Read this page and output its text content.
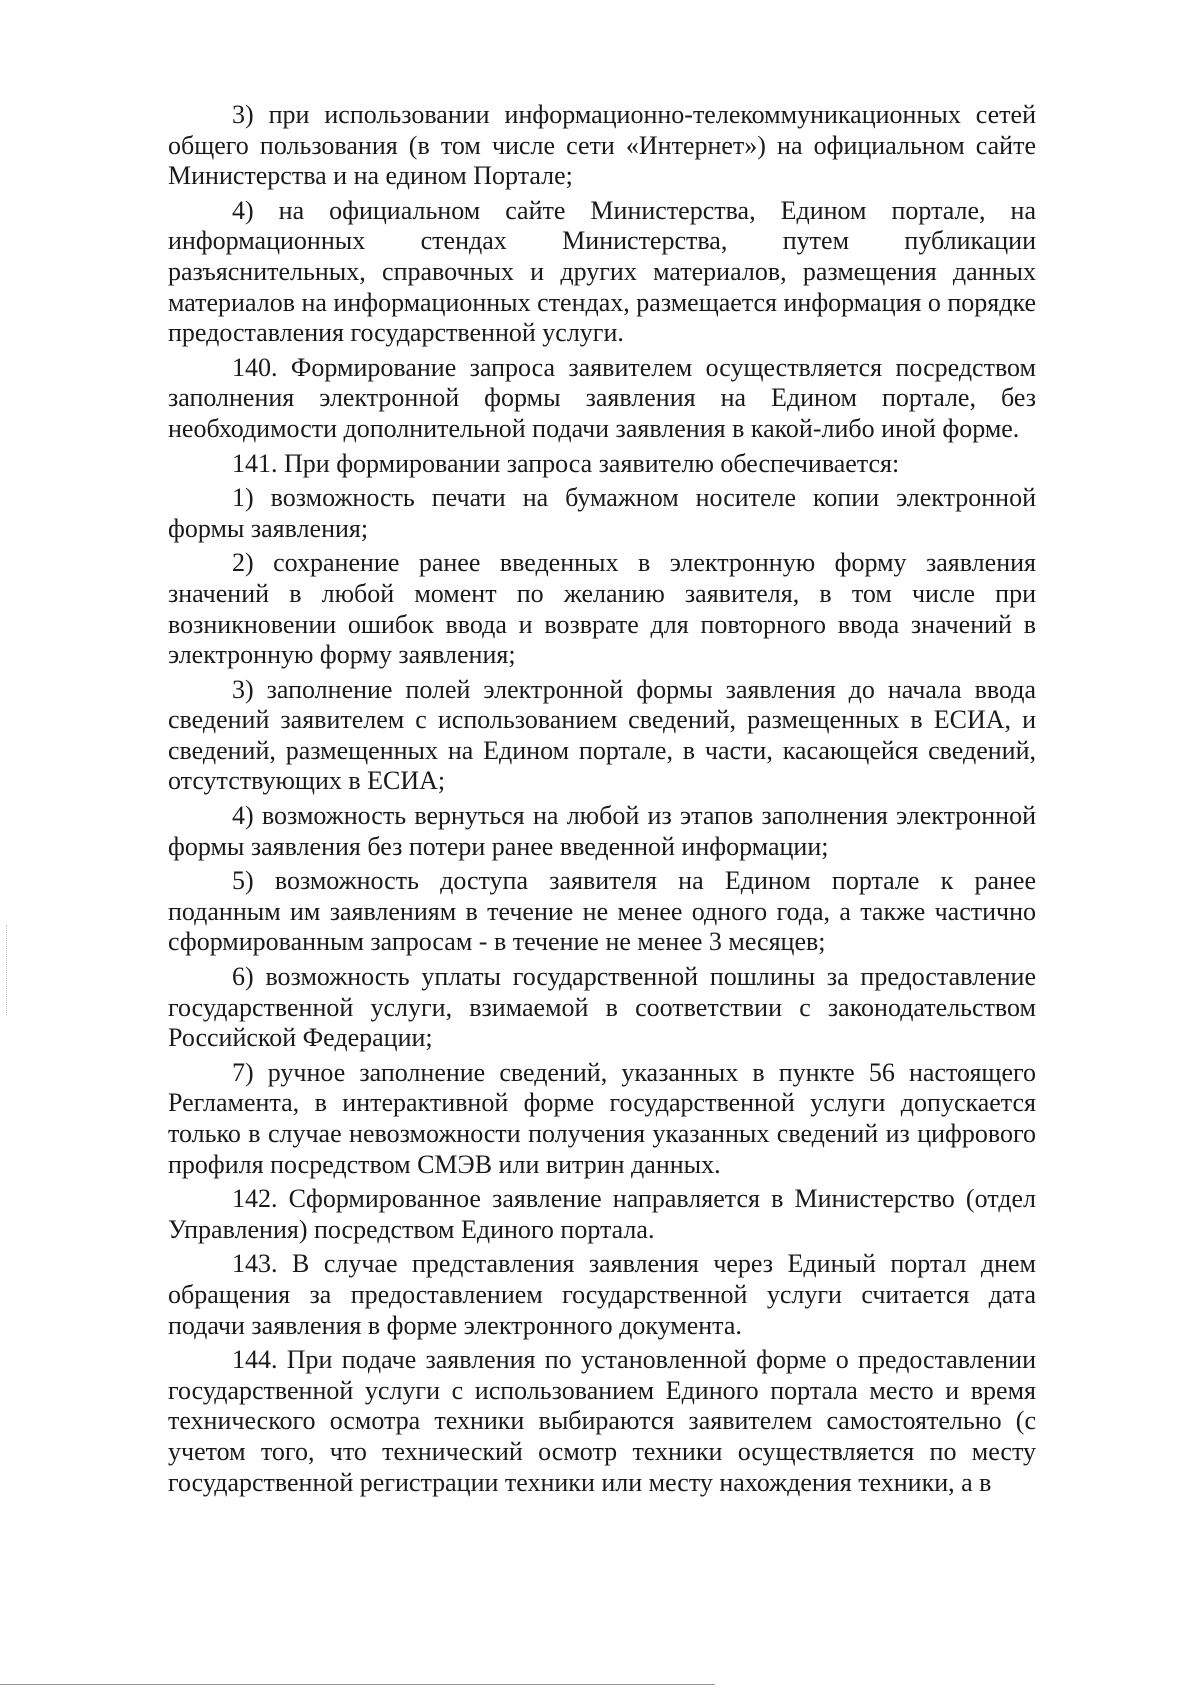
3) при использовании информационно-телекоммуникационных сетей общего пользования (в том числе сети «Интернет») на официальном сайте Министерства и на едином Портале;

4) на официальном сайте Министерства, Едином портале, на информационных стендах Министерства, путем публикации разъяснительных, справочных и других материалов, размещения данных материалов на информационных стендах, размещается информация о порядке предоставления государственной услуги.

140. Формирование запроса заявителем осуществляется посредством заполнения электронной формы заявления на Едином портале, без необходимости дополнительной подачи заявления в какой-либо иной форме.

141. При формировании запроса заявителю обеспечивается:

1) возможность печати на бумажном носителе копии электронной формы заявления;

2) сохранение ранее введенных в электронную форму заявления значений в любой момент по желанию заявителя, в том числе при возникновении ошибок ввода и возврате для повторного ввода значений в электронную форму заявления;

3) заполнение полей электронной формы заявления до начала ввода сведений заявителем с использованием сведений, размещенных в ЕСИА, и сведений, размещенных на Едином портале, в части, касающейся сведений, отсутствующих в ЕСИА;

4) возможность вернуться на любой из этапов заполнения электронной формы заявления без потери ранее введенной информации;

5) возможность доступа заявителя на Едином портале к ранее поданным им заявлениям в течение не менее одного года, а также частично сформированным запросам - в течение не менее 3 месяцев;

6) возможность уплаты государственной пошлины за предоставление государственной услуги, взимаемой в соответствии с законодательством Российской Федерации;

7) ручное заполнение сведений, указанных в пункте 56 настоящего Регламента, в интерактивной форме государственной услуги допускается только в случае невозможности получения указанных сведений из цифрового профиля посредством СМЭВ или витрин данных.

142. Сформированное заявление направляется в Министерство (отдел Управления) посредством Единого портала.

143. В случае представления заявления через Единый портал днем обращения за предоставлением государственной услуги считается дата подачи заявления в форме электронного документа.

144. При подаче заявления по установленной форме о предоставлении государственной услуги с использованием Единого портала место и время технического осмотра техники выбираются заявителем самостоятельно (с учетом того, что технический осмотр техники осуществляется по месту государственной регистрации техники или месту нахождения техники, а в
